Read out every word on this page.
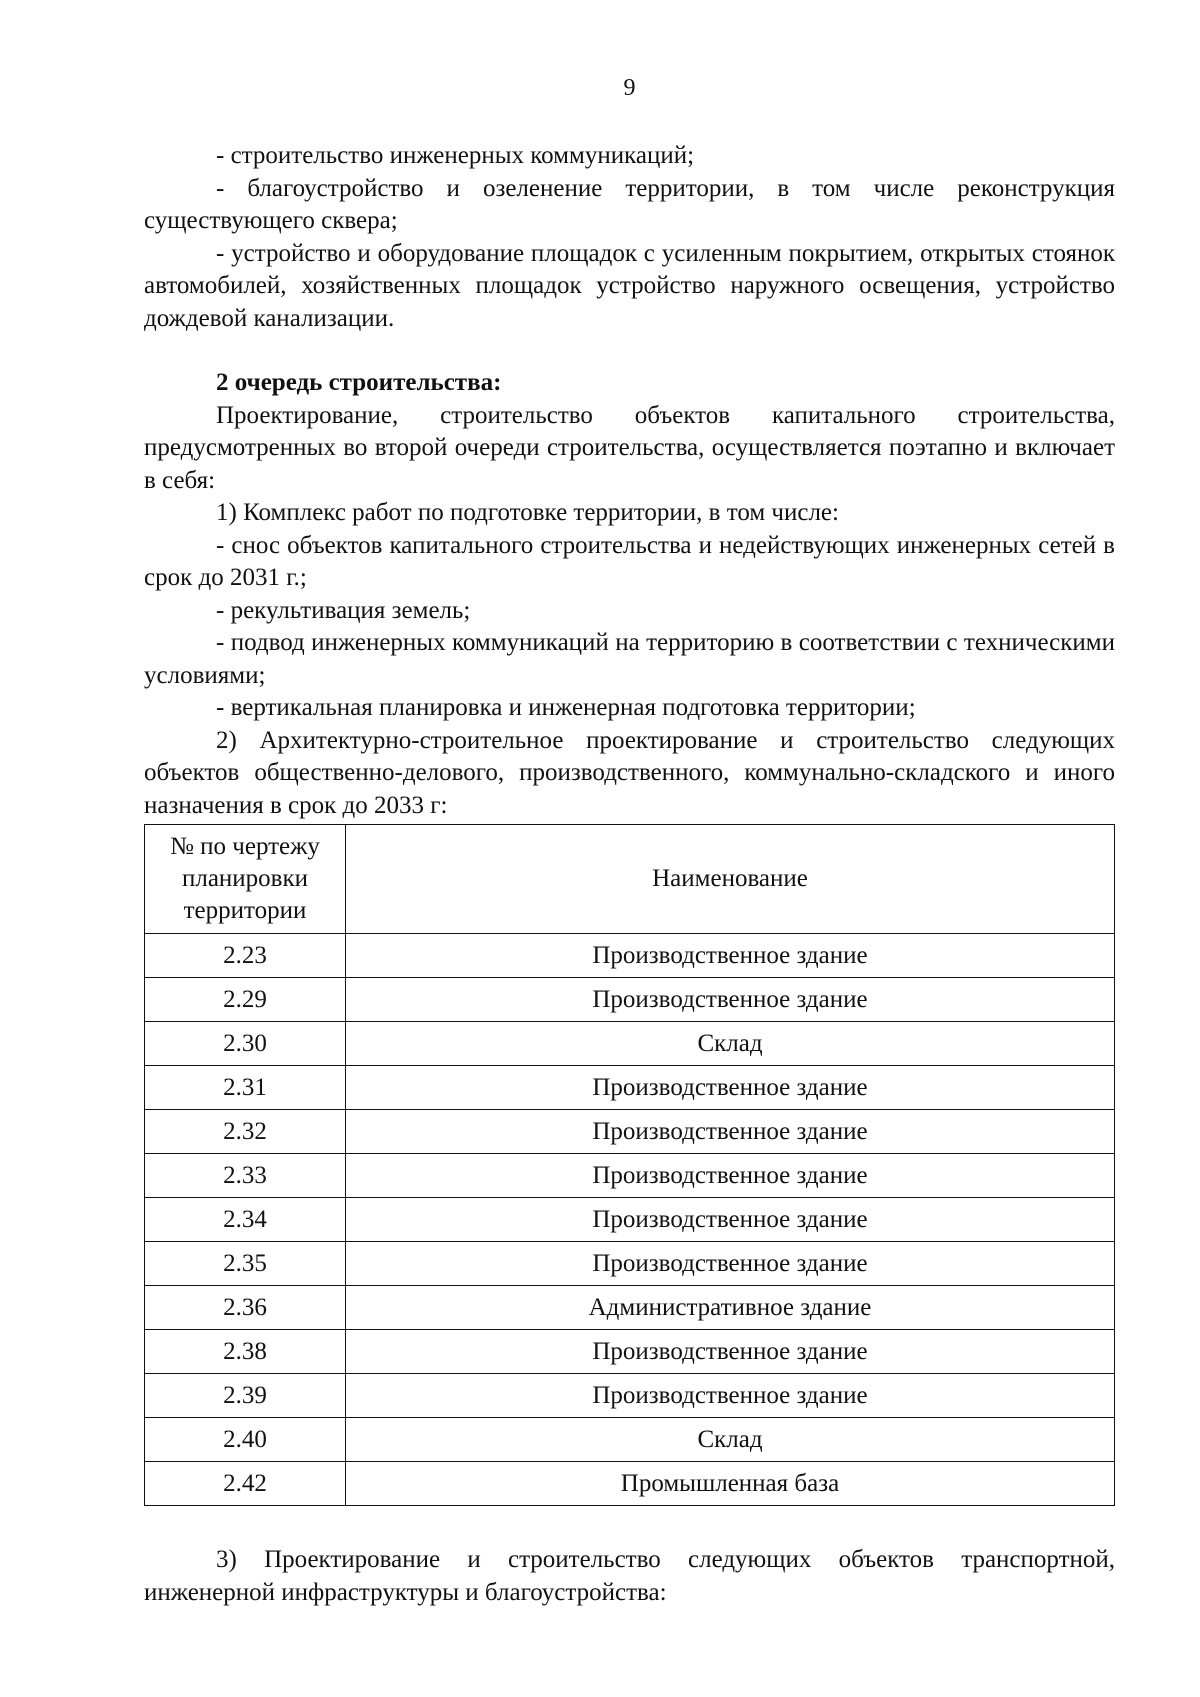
9

- строительство инженерных коммуникаций;

- благоустройство и озеленение территории, в том числе реконструкция существующего сквера;

- устройство и оборудование площадок с усиленным покрытием, открытых стоянок автомобилей, хозяйственных площадок устройство наружного освещения, устройство дождевой канализации.

2 очередь строительства:

Проектирование, строительство объектов капитального строительства, предусмотренных во второй очереди строительства, осуществляется поэтапно и включает в себя:

1) Комплекс работ по подготовке территории, в том числе:

- снос объектов капитального строительства и недействующих инженерных сетей в срок до 2031 г.;

- рекультивация земель;

- подвод инженерных коммуникаций на территорию в соответствии с техническими условиями;

- вертикальная планировка и инженерная подготовка территории;

2) Архитектурно-строительное проектирование и строительство следующих объектов общественно-делового, производственного, коммунально-складского и иного назначения в срок до 2033 г:

№ по чертежу
планировки
территории	Наименование
2.23	Производственное здание
2.29	Производственное здание
2.30	Склад
2.31	Производственное здание
2.32	Производственное здание
2.33	Производственное здание
2.34	Производственное здание
2.35	Производственное здание
2.36	Административное здание
2.38	Производственное здание
2.39	Производственное здание
2.40	Склад
2.42	Промышленная база

3) Проектирование и строительство следующих объектов транспортной, инженерной инфраструктуры и благоустройства:
